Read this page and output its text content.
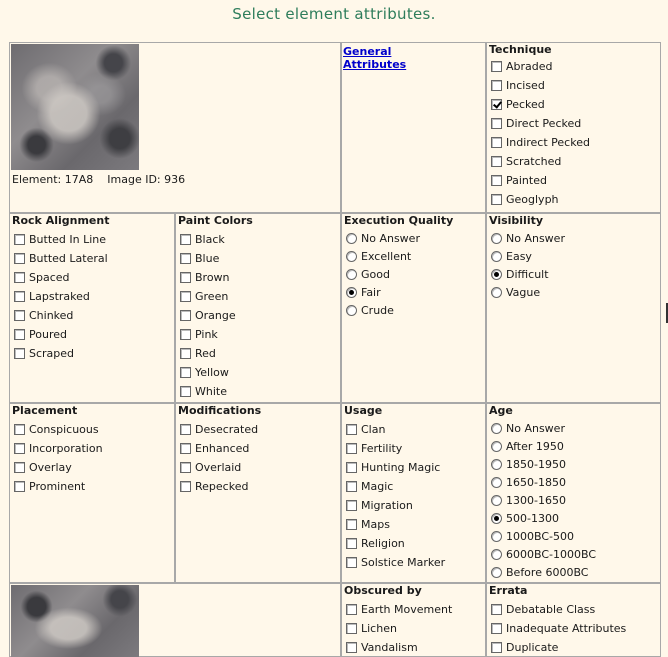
Select element attributes.
Element: 17A8 Image ID: 936
General
Attributes
Technique
Abraded
Incised
Pecked
Direct Pecked
Indirect Pecked
Scratched
Painted
Geoglyph
Rock Alignment
Butted In Line
Butted Lateral
Spaced
Lapstraked
Chinked
Poured
Scraped
Paint Colors
Black
Blue
Brown
Green
Orange
Pink
Red
Yellow
White
Execution Quality
No Answer
Excellent
Good
Fair
Crude
Visibility
No Answer
Easy
Difficult
Vague
Placement
Conspicuous
Incorporation
Overlay
Prominent
Modifications
Desecrated
Enhanced
Overlaid
Repecked
Usage
Clan
Fertility
Hunting Magic
Magic
Migration
Maps
Religion
Solstice Marker
Age
No Answer
After 1950
1850-1950
1650-1850
1300-1650
500-1300
1000BC-500
6000BC-1000BC
Before 6000BC
Obscured by
Earth Movement
Lichen
Vandalism
Errata
Debatable Class
Inadequate Attributes
Duplicate
